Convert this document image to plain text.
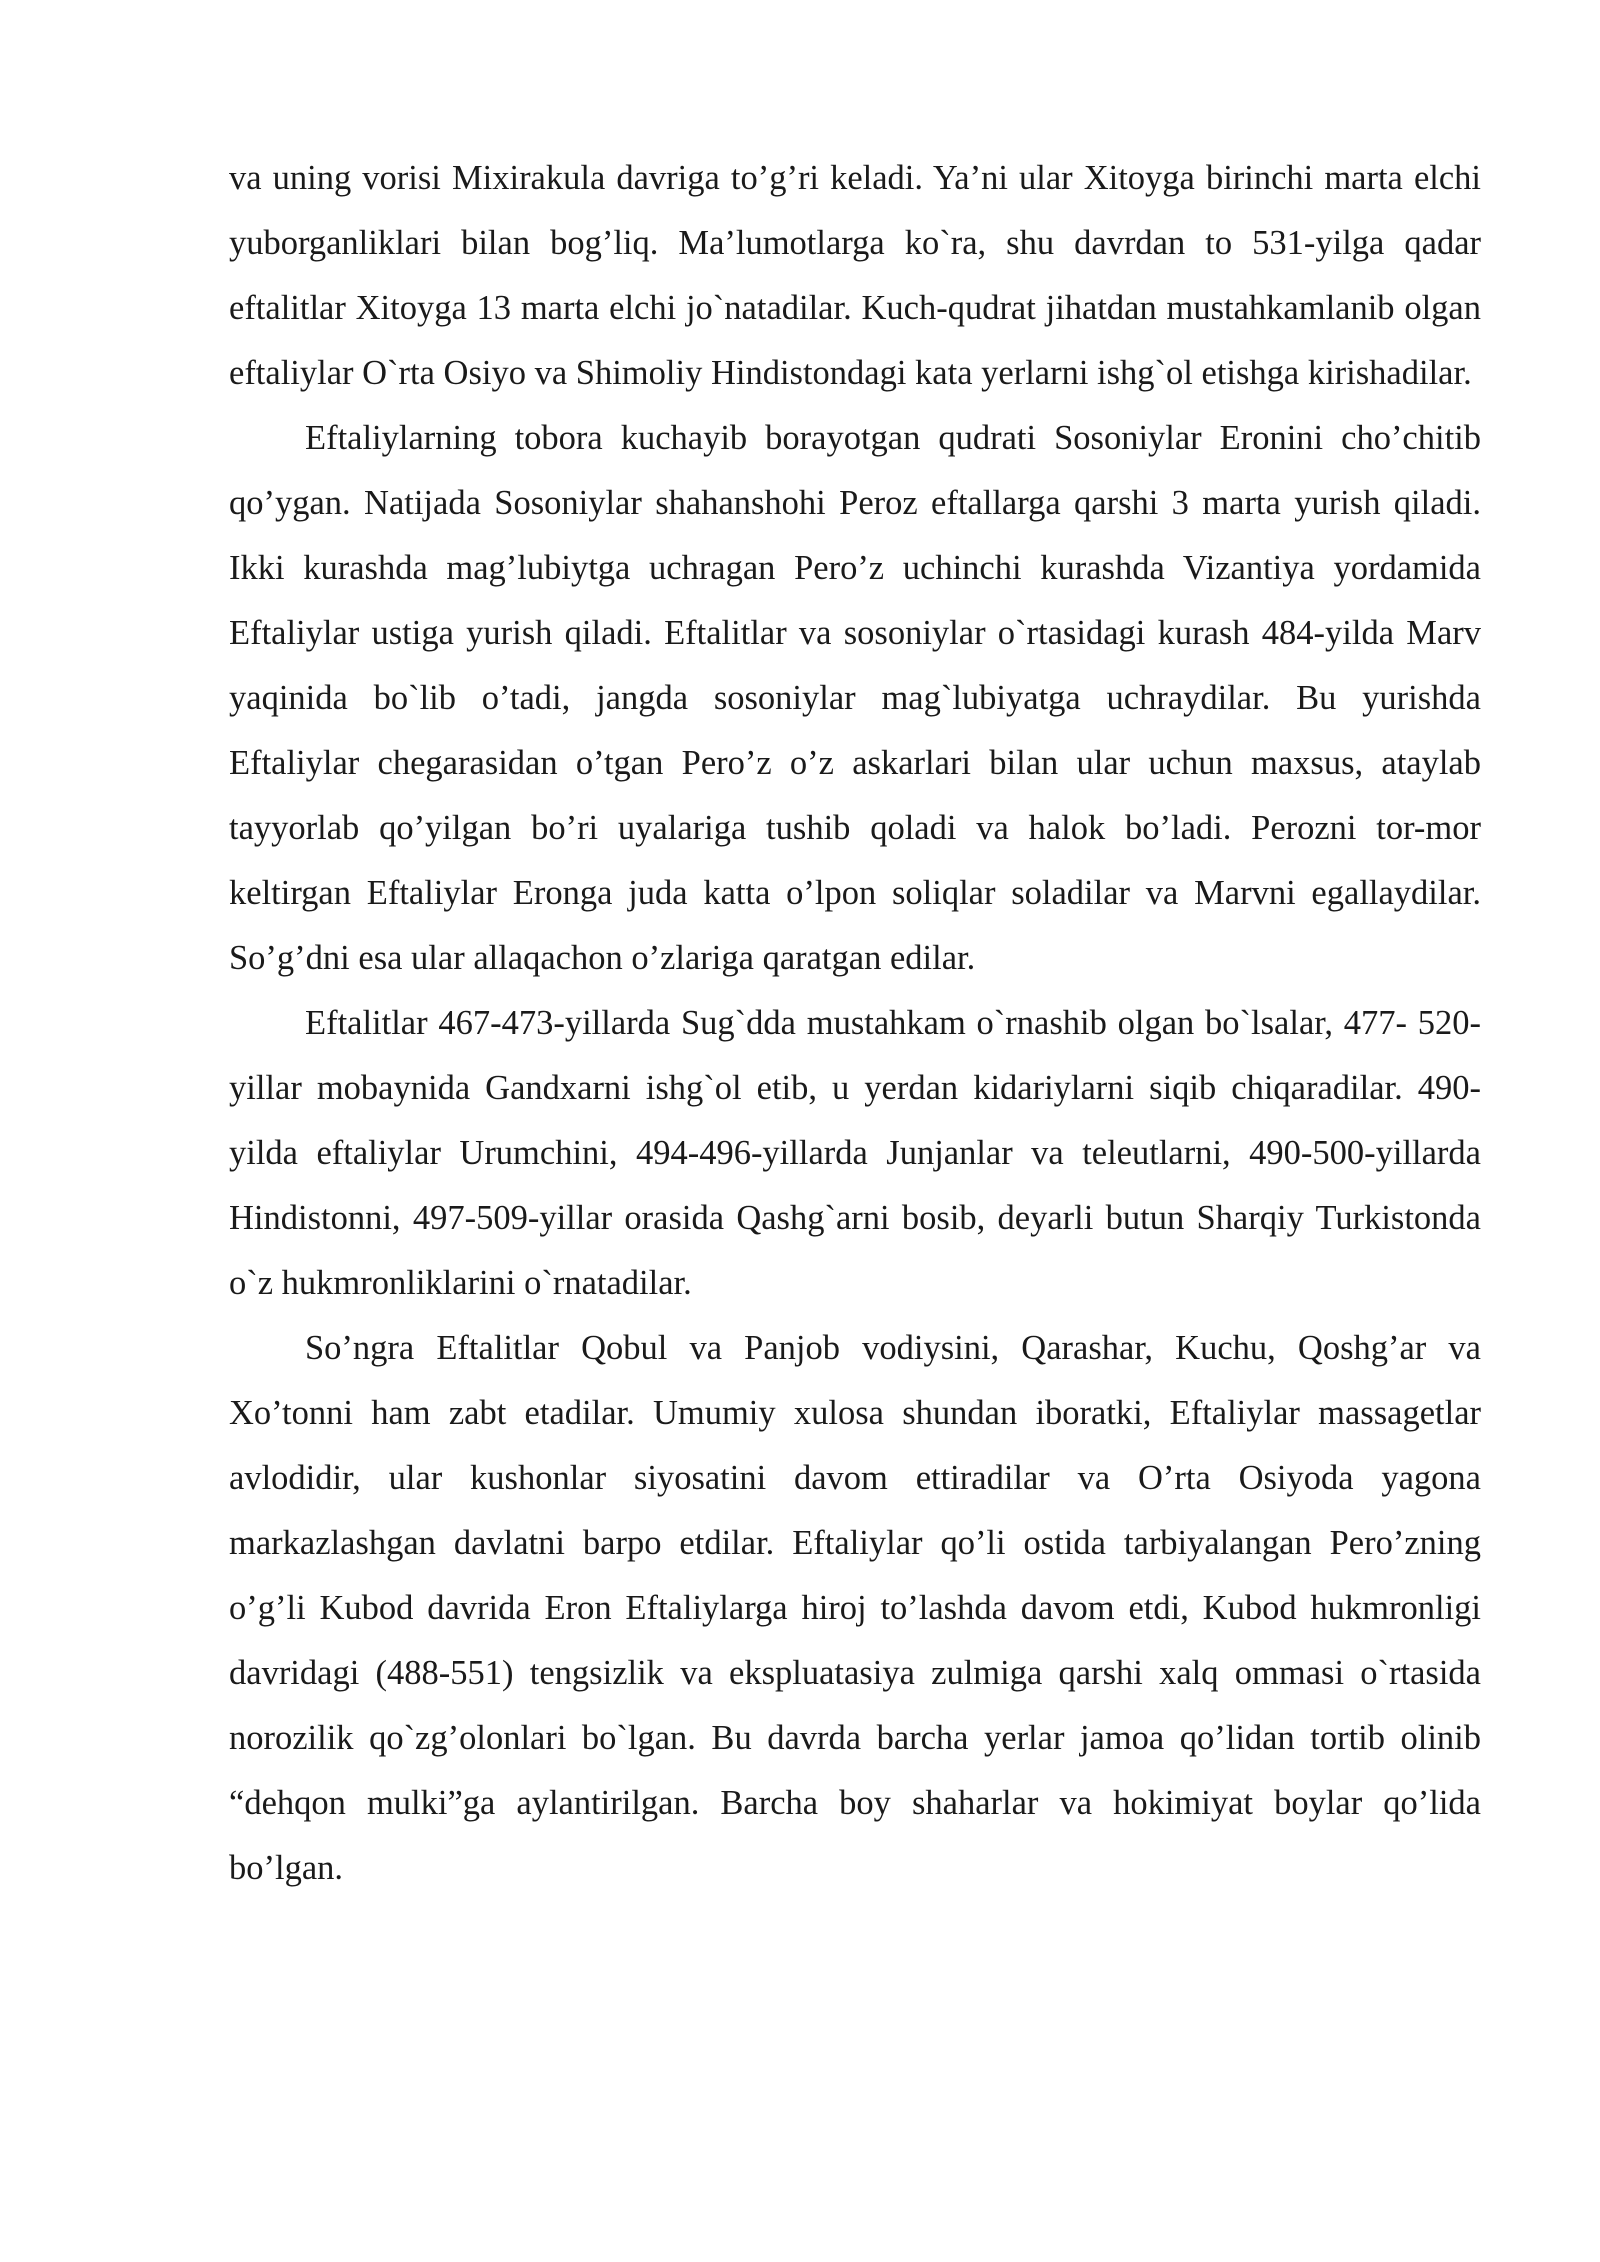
va uning vorisi Mixirakula davriga to’g’ri keladi. Ya’ni ular Xitoyga birinchi marta elchi yuborganliklari bilan bog’liq. Ma’lumotlarga ko`ra, shu davrdan to 531-yilga qadar eftalitlar Xitoyga 13 marta elchi jo`natadilar. Kuch-qudrat jihatdan mustahkamlanib olgan eftaliylar O`rta Osiyo va Shimoliy Hindistondagi kata yerlarni ishg`ol etishga kirishadilar.

Eftaliylarning tobora kuchayib borayotgan qudrati Sosoniylar Eronini cho’chitib qo’ygan. Natijada Sosoniylar shahanshohi Peroz eftallarga qarshi 3 marta yurish qiladi. Ikki kurashda mag’lubiytga uchragan Pero’z uchinchi kurashda Vizantiya yordamida Eftaliylar ustiga yurish qiladi. Eftalitlar va sosoniylar o`rtasidagi kurash 484-yilda Marv yaqinida bo`lib o’tadi, jangda sosoniylar mag`lubiyatga uchraydilar. Bu yurishda Eftaliylar chegarasidan o’tgan Pero’z o’z askarlari bilan ular uchun maxsus, ataylab tayyorlab qo’yilgan bo’ri uyalariga tushib qoladi va halok bo’ladi. Perozni tor-mor keltirgan Eftaliylar Eronga juda katta o’lpon soliqlar soladilar va Marvni egallaydilar. So’g’dni esa ular allaqachon o’zlariga qaratgan edilar.

Eftalitlar 467-473-yillarda Sug`dda mustahkam o`rnashib olgan bo`lsalar, 477- 520-yillar mobaynida Gandxarni ishg`ol etib, u yerdan kidariylarni siqib chiqaradilar. 490-yilda eftaliylar Urumchini, 494-496-yillarda Junjanlar va teleutlarni, 490-500-yillarda Hindistonni, 497-509-yillar orasida Qashg`arni bosib, deyarli butun Sharqiy Turkistonda o`z hukmronliklarini o`rnatadilar.

So’ngra Eftalitlar Qobul va Panjob vodiysini, Qarashar, Kuchu, Qoshg’ar va Xo’tonni ham zabt etadilar. Umumiy xulosa shundan iboratki, Eftaliylar massagetlar avlodidir, ular kushonlar siyosatini davom ettiradilar va O’rta Osiyoda yagona markazlashgan davlatni barpo etdilar. Eftaliylar qo’li ostida tarbiyalangan Pero’zning o’g’li Kubod davrida Eron Eftaliylarga hiroj to’lashda davom etdi, Kubod hukmronligi davridagi (488-551) tengsizlik va ekspluatasiya zulmiga qarshi xalq ommasi o`rtasida norozilik qo`zg’olonlari bo`lgan. Bu davrda barcha yerlar jamoa qo’lidan tortib olinib “dehqon mulki”ga aylantirilgan. Barcha boy shaharlar va hokimiyat boylar qo’lida bo’lgan.
